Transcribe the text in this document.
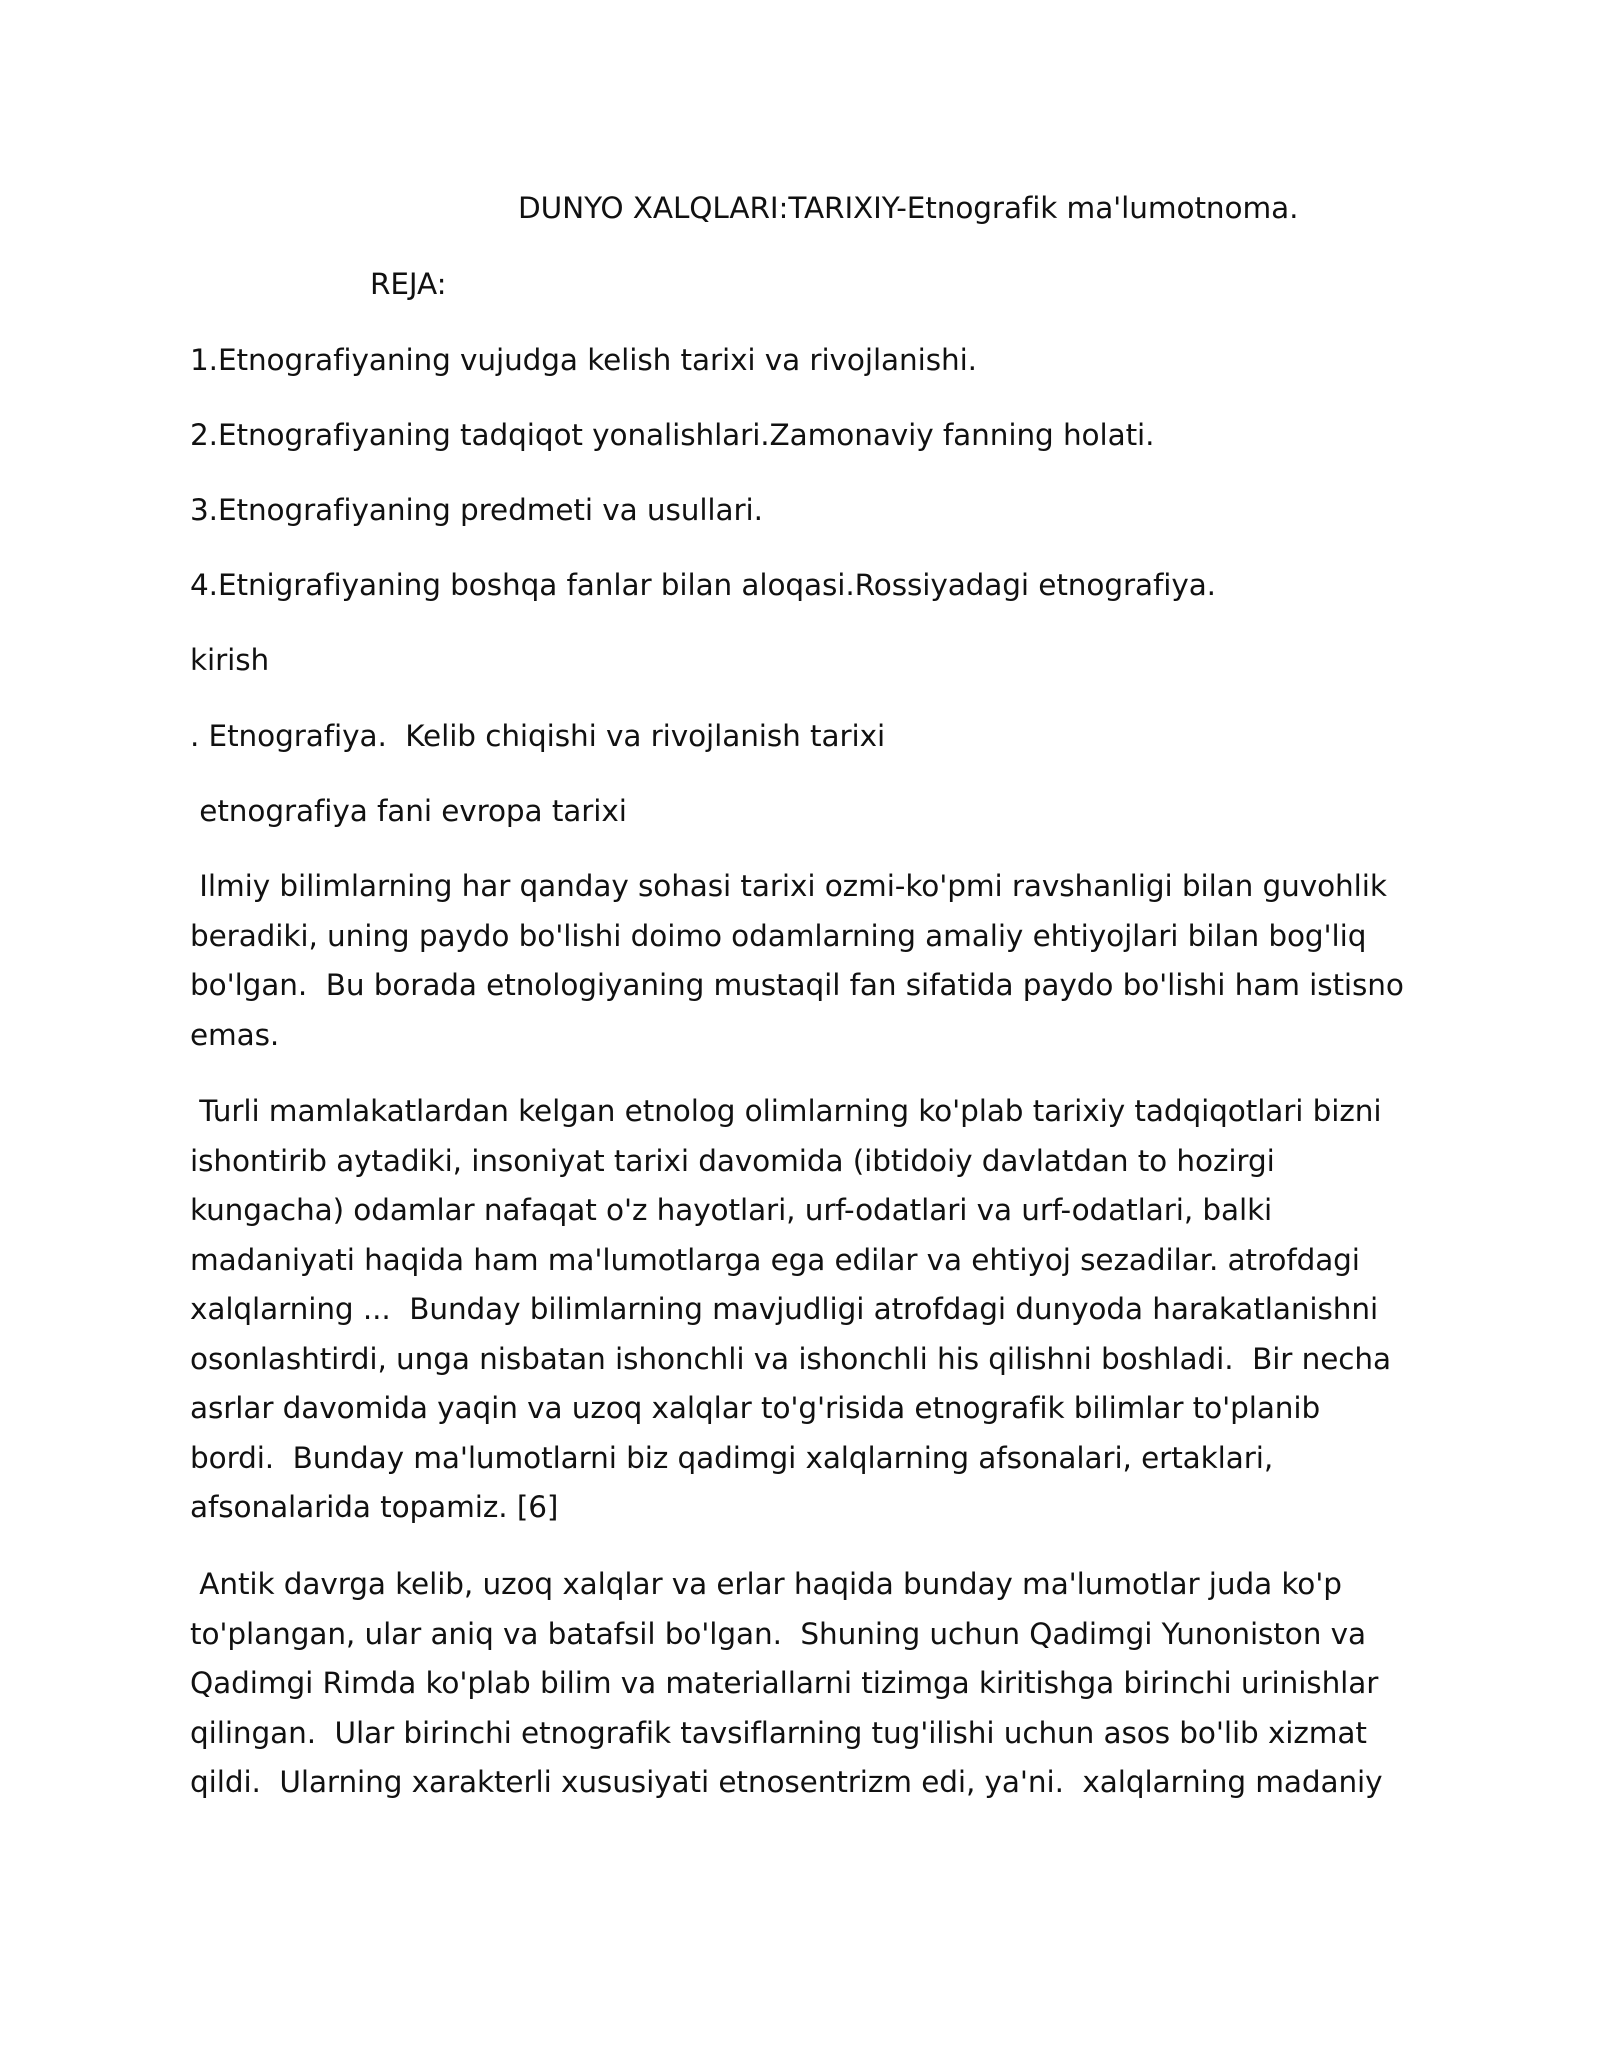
DUNYO XALQLARI:TARIXIY-Etnografik ma'lumotnoma.
REJA:
1.Etnografiyaning vujudga kelish tarixi va rivojlanishi.
2.Etnografiyaning tadqiqot yonalishlari.Zamonaviy fanning holati.
3.Etnografiyaning predmeti va usullari.
4.Etnigrafiyaning boshqa fanlar bilan aloqasi.Rossiyadagi etnografiya.
kirish
. Etnografiya.  Kelib chiqishi va rivojlanish tarixi
etnografiya fani evropa tarixi
Ilmiy bilimlarning har qanday sohasi tarixi ozmi-ko'pmi ravshanligi bilan guvohlik
beradiki, uning paydo bo'lishi doimo odamlarning amaliy ehtiyojlari bilan bog'liq
bo'lgan.  Bu borada etnologiyaning mustaqil fan sifatida paydo bo'lishi ham istisno
emas.
Turli mamlakatlardan kelgan etnolog olimlarning ko'plab tarixiy tadqiqotlari bizni
ishontirib aytadiki, insoniyat tarixi davomida (ibtidoiy davlatdan to hozirgi
kungacha) odamlar nafaqat o'z hayotlari, urf-odatlari va urf-odatlari, balki
madaniyati haqida ham ma'lumotlarga ega edilar va ehtiyoj sezadilar. atrofdagi
xalqlarning ...  Bunday bilimlarning mavjudligi atrofdagi dunyoda harakatlanishni
osonlashtirdi, unga nisbatan ishonchli va ishonchli his qilishni boshladi.  Bir necha
asrlar davomida yaqin va uzoq xalqlar to'g'risida etnografik bilimlar to'planib
bordi.  Bunday ma'lumotlarni biz qadimgi xalqlarning afsonalari, ertaklari,
afsonalarida topamiz. [6]
Antik davrga kelib, uzoq xalqlar va erlar haqida bunday ma'lumotlar juda ko'p
to'plangan, ular aniq va batafsil bo'lgan.  Shuning uchun Qadimgi Yunoniston va
Qadimgi Rimda ko'plab bilim va materiallarni tizimga kiritishga birinchi urinishlar
qilingan.  Ular birinchi etnografik tavsiflarning tug'ilishi uchun asos bo'lib xizmat
qildi.  Ularning xarakterli xususiyati etnosentrizm edi, ya'ni.  xalqlarning madaniy
